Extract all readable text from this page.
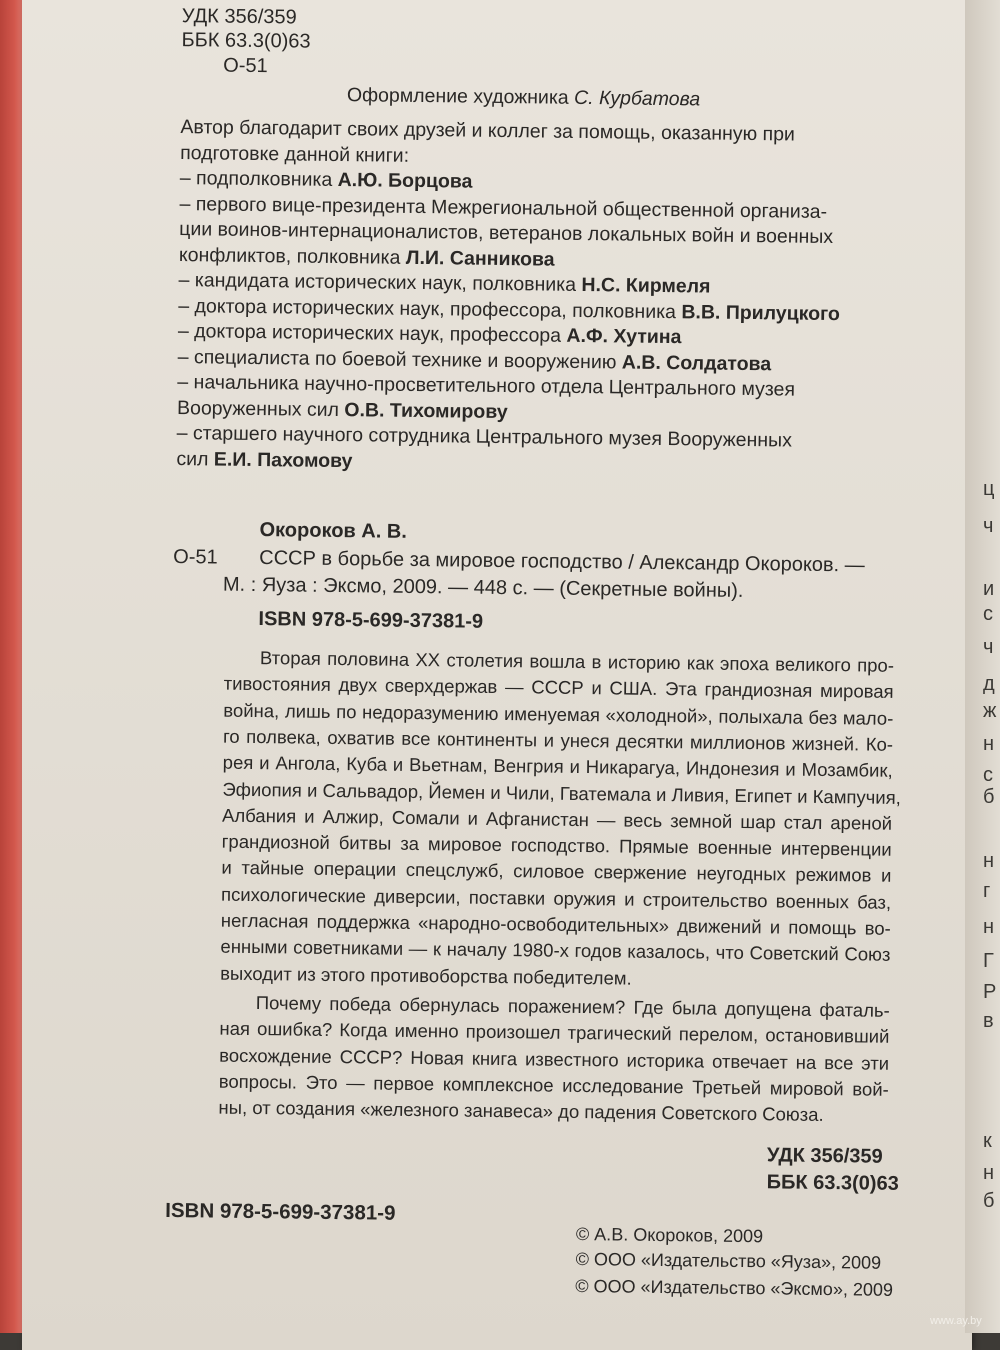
ц
ч
и
с
ч
д
ж
н
с
б
н
г
н
Г
Р
в
к
н
б
УДК 356/359
ББК 63.3(0)63
О-51
Оформление художника С. Курбатова
Автор благодарит своих друзей и коллег за помощь, оказанную при
подготовке данной книги:
– подполковника А.Ю. Борцова
– первого вице-президента Межрегиональной общественной организа-
ции воинов-интернационалистов, ветеранов локальных войн и военных
конфликтов, полковника Л.И. Санникова
– кандидата исторических наук, полковника Н.С. Кирмеля
– доктора исторических наук, профессора, полковника В.В. Прилуцкого
– доктора исторических наук, профессора А.Ф. Хутина
– специалиста по боевой технике и вооружению А.В. Солдатова
– начальника научно-просветительного отдела Центрального музея
Вооруженных сил О.В. Тихомирову
– старшего научного сотрудника Центрального музея Вооруженных
сил Е.И. Пахомову
Окороков А. В.
О-51 СССР в борьбе за мировое господство / Александр Окороков. —
М. : Яуза : Эксмо, 2009. — 448 с. — (Секретные войны).
ISBN 978-5-699-37381-9
Вторая половина XX столетия вошла в историю как эпоха великого про-
тивостояния двух сверхдержав — СССР и США. Эта грандиозная мировая
война, лишь по недоразумению именуемая «холодной», полыхала без мало-
го полвека, охватив все континенты и унеся десятки миллионов жизней. Ко-
рея и Ангола, Куба и Вьетнам, Венгрия и Никарагуа, Индонезия и Мозамбик,
Эфиопия и Сальвадор, Йемен и Чили, Гватемала и Ливия, Египет и Кампучия,
Албания и Алжир, Сомали и Афганистан — весь земной шар стал ареной
грандиозной битвы за мировое господство. Прямые военные интервенции
и тайные операции спецслужб, силовое свержение неугодных режимов и
психологические диверсии, поставки оружия и строительство военных баз,
негласная поддержка «народно-освободительных» движений и помощь во-
енными советниками — к началу 1980-х годов казалось, что Советский Союз
выходит из этого противоборства победителем.
Почему победа обернулась поражением? Где была допущена фаталь-
ная ошибка? Когда именно произошел трагический перелом, остановивший
восхождение СССР? Новая книга известного историка отвечает на все эти
вопросы. Это — первое комплексное исследование Третьей мировой вой-
ны, от создания «железного занавеса» до падения Советского Союза.
УДК 356/359
ББК 63.3(0)63
ISBN 978-5-699-37381-9
© А.В. Окороков, 2009
© ООО «Издательство «Яуза», 2009
© ООО «Издательство «Эксмо», 2009
www.ay.by
